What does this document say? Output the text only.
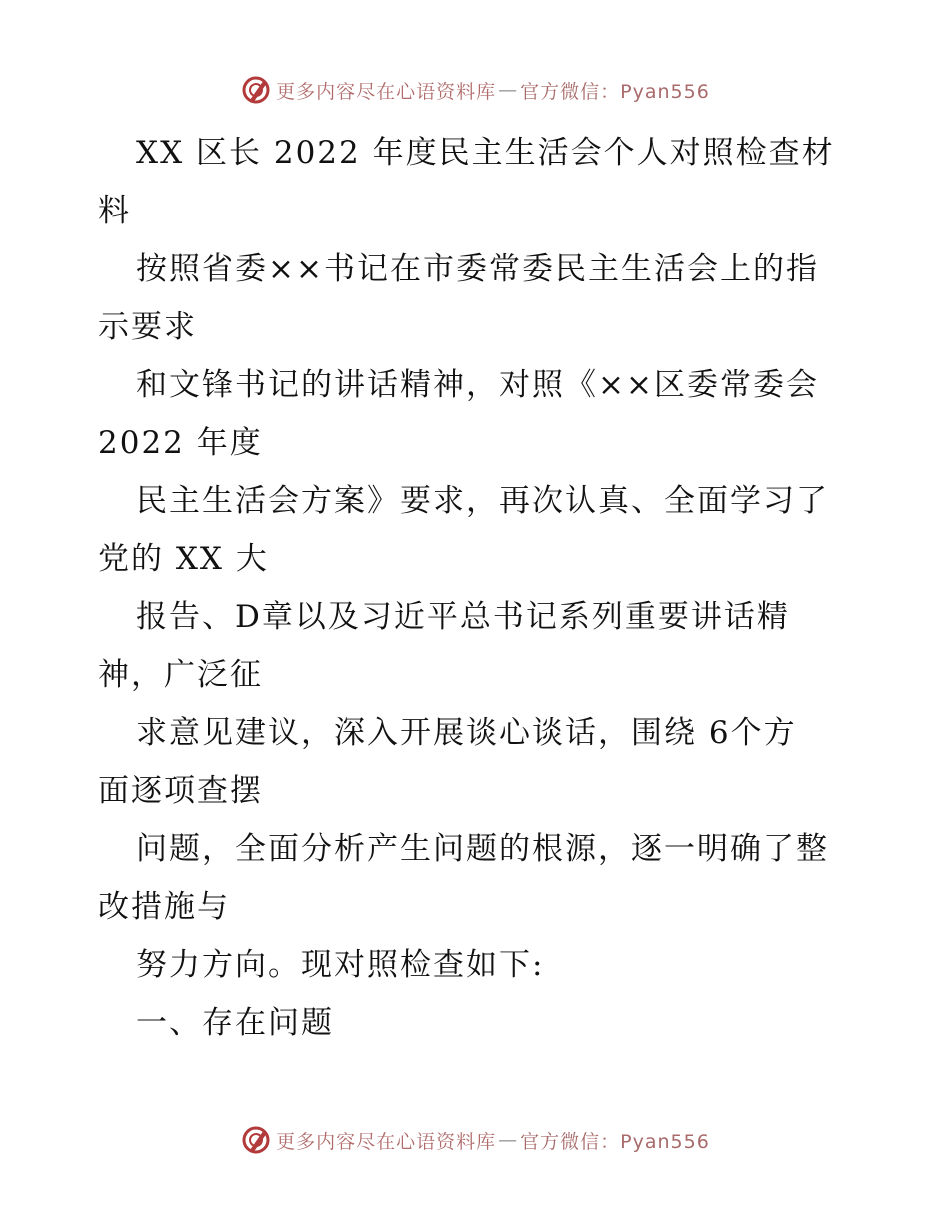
更多内容尽在心语资料库 — 官方微信：Pyan556
XX 区长 2022 年度民主生活会个人对照检查材
料
按照省委××书记在市委常委民主生活会上的指
示要求
和文锋书记的讲话精神，对照《××区委常委会
2022 年度
民主生活会方案》要求，再次认真、全面学习了
党的 XX 大
报告、D章以及习近平总书记系列重要讲话精
神，广泛征
求意见建议，深入开展谈心谈话，围绕 6个方
面逐项查摆
问题，全面分析产生问题的根源，逐一明确了整
改措施与
努力方向。现对照检查如下:
一、存在问题
更多内容尽在心语资料库 — 官方微信：Pyan556
